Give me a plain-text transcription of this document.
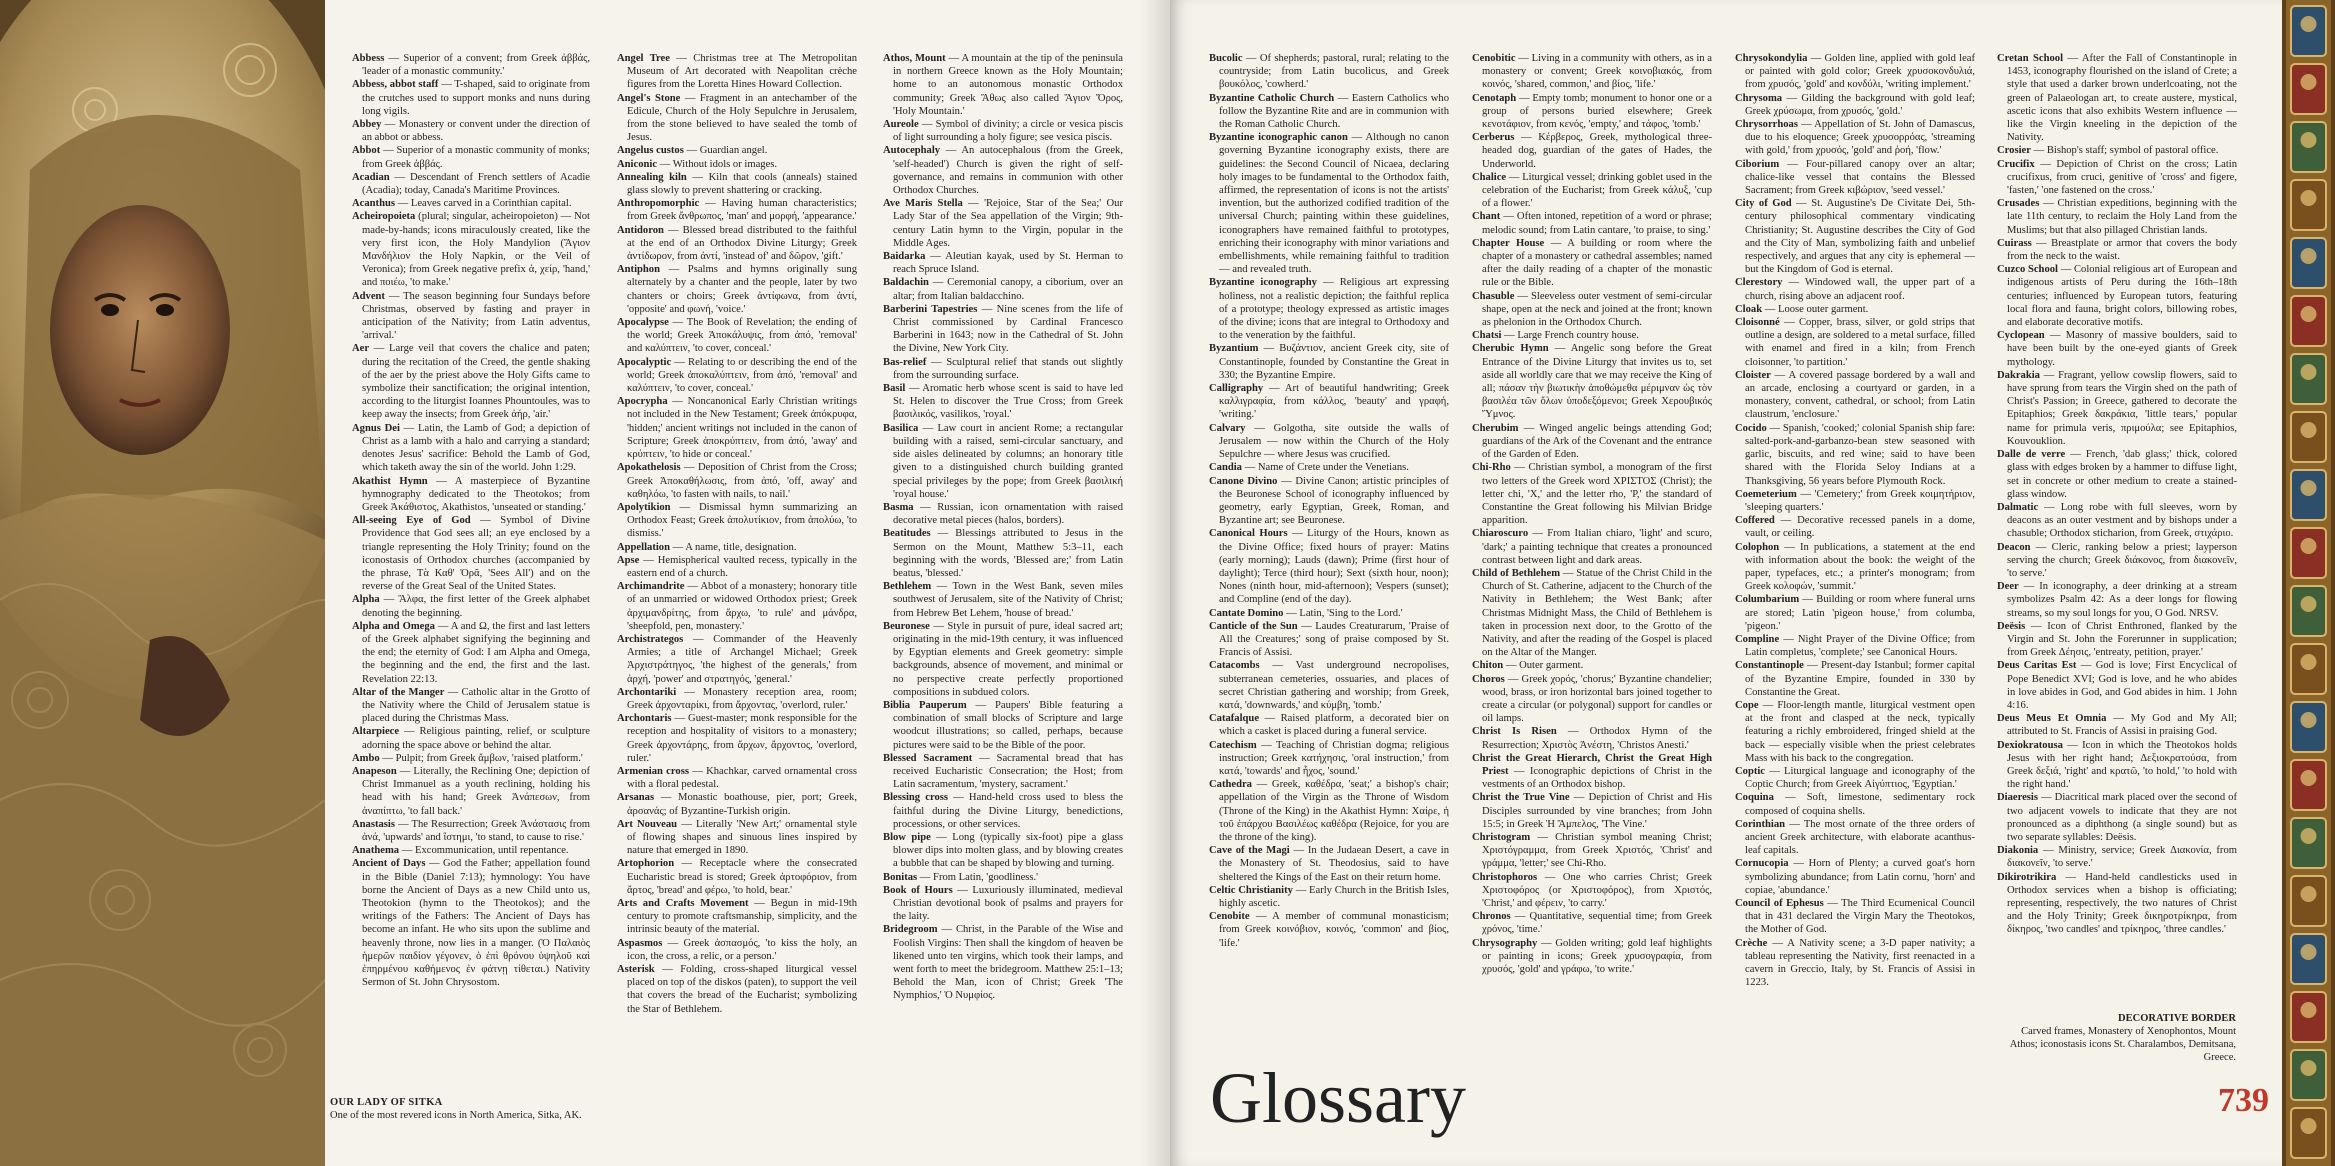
Abbess — Superior of a convent; from Greek ἀββάς, 'leader of a monastic community.'
Abbess, abbot staff — T-shaped, said to originate from the crutches used to support monks and nuns during long vigils.
Abbey — Monastery or convent under the direction of an abbot or abbess.
Abbot — Superior of a monastic community of monks; from Greek ἀββάς.
Acadian — Descendant of French settlers of Acadie (Acadia); today, Canada's Maritime Provinces.
Acanthus — Leaves carved in a Corinthian capital.
Acheiropoieta (plural; singular, acheiropoieton) — Not made-by-hands; icons miraculously created, like the very first icon, the Holy Mandylion (Ἅγιον Μανδήλιον the Holy Napkin, or the Veil of Veronica); from Greek negative prefix ἀ, χείρ, 'hand,' and ποιέω, 'to make.'
Advent — The season beginning four Sundays before Christmas, observed by fasting and prayer in anticipation of the Nativity; from Latin adventus, 'arrival.'
Aer — Large veil that covers the chalice and paten; during the recitation of the Creed, the gentle shaking of the aer by the priest above the Holy Gifts came to symbolize their sanctification; the original intention, according to the liturgist Ioannes Phountoules, was to keep away the insects; from Greek ἀήρ, 'air.'
Agnus Dei — Latin, the Lamb of God; a depiction of Christ as a lamb with a halo and carrying a standard; denotes Jesus' sacrifice: Behold the Lamb of God, which taketh away the sin of the world. John 1:29.
Akathist Hymn — A masterpiece of Byzantine hymnography dedicated to the Theotokos; from Greek Ἀκάθιστος, Akathistos, 'unseated or standing.'
All-seeing Eye of God — Symbol of Divine Providence that God sees all; an eye enclosed by a triangle representing the Holy Trinity; found on the iconostasis of Orthodox churches (accompanied by the phrase, Τὰ Καθ' Ὁρᾶ, 'Sees All') and on the reverse of the Great Seal of the United States.
Alpha — Ἄλφα, the first letter of the Greek alphabet denoting the beginning.
Alpha and Omega — A and Ω, the first and last letters of the Greek alphabet signifying the beginning and the end; the eternity of God: I am Alpha and Omega, the beginning and the end, the first and the last. Revelation 22:13.
Altar of the Manger — Catholic altar in the Grotto of the Nativity where the Child of Jerusalem statue is placed during the Christmas Mass.
Altarpiece — Religious painting, relief, or sculpture adorning the space above or behind the altar.
Ambo — Pulpit; from Greek ἄμβων, 'raised platform.'
Anapeson — Literally, the Reclining One; depiction of Christ Immanuel as a youth reclining, holding his head with his hand; Greek Ἀνάπεσων, from ἀναπίπτω, 'to fall back.'
Anastasis — The Resurrection; Greek Ἀνάστασις from ἀνά, 'upwards' and ἵστημι, 'to stand, to cause to rise.'
Anathema — Excommunication, until repentance.
Ancient of Days — God the Father; appellation found in the Bible (Daniel 7:13); hymnology: You have borne the Ancient of Days as a new Child unto us, Theotokion (hymn to the Theotokos); and the writings of the Fathers: The Ancient of Days has become an infant. He who sits upon the sublime and heavenly throne, now lies in a manger. (Ὁ Παλαιὸς ἡμερῶν παιδίον γέγονεν, ὁ ἐπὶ θρόνου ὑψηλοῦ καὶ ἐπηρμένου καθήμενος ἐν φάτνῃ τίθεται.) Nativity Sermon of St. John Chrysostom.
Angel Tree — Christmas tree at The Metropolitan Museum of Art decorated with Neapolitan crèche figures from the Loretta Hines Howard Collection.
Angel's Stone — Fragment in an antechamber of the Edicule, Church of the Holy Sepulchre in Jerusalem, from the stone believed to have sealed the tomb of Jesus.
Angelus custos — Guardian angel.
Aniconic — Without idols or images.
Annealing kiln — Kiln that cools (anneals) stained glass slowly to prevent shattering or cracking.
Anthropomorphic — Having human characteristics; from Greek ἄνθρωπος, 'man' and μορφή, 'appearance.'
Antidoron — Blessed bread distributed to the faithful at the end of an Orthodox Divine Liturgy; Greek ἀντίδωρον, from ἀντί, 'instead of' and δῶρον, 'gift.'
Antiphon — Psalms and hymns originally sung alternately by a chanter and the people, later by two chanters or choirs; Greek ἀντίφωνα, from ἀντί, 'opposite' and φωνή, 'voice.'
Apocalypse — The Book of Revelation; the ending of the world; Greek Ἀποκάλυψις, from ἀπό, 'removal' and καλύπτειν, 'to cover, conceal.'
Apocalyptic — Relating to or describing the end of the world; Greek ἀποκαλύπτειν, from ἀπό, 'removal' and καλύπτειν, 'to cover, conceal.'
Apocrypha — Noncanonical Early Christian writings not included in the New Testament; Greek ἀπόκρυφα, 'hidden;' ancient writings not included in the canon of Scripture; Greek ἀποκρύπτειν, from ἀπό, 'away' and κρύπτειν, 'to hide or conceal.'
Apokathelosis — Deposition of Christ from the Cross; Greek Ἀποκαθήλωσις, from ἀπό, 'off, away' and καθηλόω, 'to fasten with nails, to nail.'
Apolytikion — Dismissal hymn summarizing an Orthodox Feast; Greek ἀπολυτίκιον, from ἀπολύω, 'to dismiss.'
Appellation — A name, title, designation.
Apse — Hemispherical vaulted recess, typically in the eastern end of a church.
Archimandrite — Abbot of a monastery; honorary title of an unmarried or widowed Orthodox priest; Greek ἀρχιμανδρίτης, from ἄρχω, 'to rule' and μάνδρα, 'sheepfold, pen, monastery.'
Archistrategos — Commander of the Heavenly Armies; a title of Archangel Michael; Greek Ἀρχιστράτηγος, 'the highest of the generals,' from ἀρχή, 'power' and στρατηγός, 'general.'
Archontariki — Monastery reception area, room; Greek ἀρχονταρίκι, from ἄρχοντας, 'overlord, ruler.'
Archontaris — Guest-master; monk responsible for the reception and hospitality of visitors to a monastery; Greek ἀρχοντάρης, from ἄρχων, ἄρχοντος, 'overlord, ruler.'
Armenian cross — Khachkar, carved ornamental cross with a floral pedestal.
Arsanas — Monastic boathouse, pier, port; Greek, ἀρσανάς; of Byzantine-Turkish origin.
Art Nouveau — Literally 'New Art;' ornamental style of flowing shapes and sinuous lines inspired by nature that emerged in 1890.
Artophorion — Receptacle where the consecrated Eucharistic bread is stored; Greek ἀρτοφόριον, from ἄρτος, 'bread' and φέρω, 'to hold, bear.'
Arts and Crafts Movement — Begun in mid-19th century to promote craftsmanship, simplicity, and the intrinsic beauty of the material.
Aspasmos — Greek ἀσπασμός, 'to kiss the holy, an icon, the cross, a relic, or a person.'
Asterisk — Folding, cross-shaped liturgical vessel placed on top of the diskos (paten), to support the veil that covers the bread of the Eucharist; symbolizing the Star of Bethlehem.
Athos, Mount — A mountain at the tip of the peninsula in northern Greece known as the Holy Mountain; home to an autonomous monastic Orthodox community; Greek Ἄθως also called Ἅγιον Ὄρος, 'Holy Mountain.'
Aureole — Symbol of divinity; a circle or vesica piscis of light surrounding a holy figure; see vesica piscis.
Autocephaly — An autocephalous (from the Greek, 'self-headed') Church is given the right of self-governance, and remains in communion with other Orthodox Churches.
Ave Maris Stella — 'Rejoice, Star of the Sea;' Our Lady Star of the Sea appellation of the Virgin; 9th-century Latin hymn to the Virgin, popular in the Middle Ages.
Baidarka — Aleutian kayak, used by St. Herman to reach Spruce Island.
Baldachin — Ceremonial canopy, a ciborium, over an altar; from Italian baldacchino.
Barberini Tapestries — Nine scenes from the life of Christ commissioned by Cardinal Francesco Barberini in 1643; now in the Cathedral of St. John the Divine, New York City.
Bas-relief — Sculptural relief that stands out slightly from the surrounding surface.
Basil — Aromatic herb whose scent is said to have led St. Helen to discover the True Cross; from Greek βασιλικός, vasilikos, 'royal.'
Basilica — Law court in ancient Rome; a rectangular building with a raised, semi-circular sanctuary, and side aisles delineated by columns; an honorary title given to a distinguished church building granted special privileges by the pope; from Greek βασιλική 'royal house.'
Basma — Russian, icon ornamentation with raised decorative metal pieces (halos, borders).
Beatitudes — Blessings attributed to Jesus in the Sermon on the Mount, Matthew 5:3–11, each beginning with the words, 'Blessed are;' from Latin beatus, 'blessed.'
Bethlehem — Town in the West Bank, seven miles southwest of Jerusalem, site of the Nativity of Christ; from Hebrew Bet Lehem, 'house of bread.'
Beuronese — Style in pursuit of pure, ideal sacred art; originating in the mid-19th century, it was influenced by Egyptian elements and Greek geometry: simple backgrounds, absence of movement, and minimal or no perspective create perfectly proportioned compositions in subdued colors.
Biblia Pauperum — Paupers' Bible featuring a combination of small blocks of Scripture and large woodcut illustrations; so called, perhaps, because pictures were said to be the Bible of the poor.
Blessed Sacrament — Sacramental bread that has received Eucharistic Consecration; the Host; from Latin sacramentum, 'mystery, sacrament.'
Blessing cross — Hand-held cross used to bless the faithful during the Divine Liturgy, benedictions, processions, or other services.
Blow pipe — Long (typically six-foot) pipe a glass blower dips into molten glass, and by blowing creates a bubble that can be shaped by blowing and turning.
Bonitas — From Latin, 'goodliness.'
Book of Hours — Luxuriously illuminated, medieval Christian devotional book of psalms and prayers for the laity.
Bridegroom — Christ, in the Parable of the Wise and Foolish Virgins: Then shall the kingdom of heaven be likened unto ten virgins, which took their lamps, and went forth to meet the bridegroom. Matthew 25:1–13; Behold the Man, icon of Christ; Greek 'The Nymphios,' Ὁ Νυμφίος.
OUR LADY OF SITKA
One of the most revered icons in North America, Sitka, AK.
Bucolic — Of shepherds; pastoral, rural; relating to the countryside; from Latin bucolicus, and Greek βουκόλος, 'cowherd.'
Byzantine Catholic Church — Eastern Catholics who follow the Byzantine Rite and are in communion with the Roman Catholic Church.
Byzantine iconographic canon — Although no canon governing Byzantine iconography exists, there are guidelines: the Second Council of Nicaea, declaring holy images to be fundamental to the Orthodox faith, affirmed, the representation of icons is not the artists' invention, but the authorized codified tradition of the universal Church; painting within these guidelines, iconographers have remained faithful to prototypes, enriching their iconography with minor variations and embellishments, while remaining faithful to tradition — and revealed truth.
Byzantine iconography — Religious art expressing holiness, not a realistic depiction; the faithful replica of a prototype; theology expressed as artistic images of the divine; icons that are integral to Orthodoxy and to the veneration by the faithful.
Byzantium — Βυζάντιον, ancient Greek city, site of Constantinople, founded by Constantine the Great in 330; the Byzantine Empire.
Calligraphy — Art of beautiful handwriting; Greek καλλιγραφία, from κάλλος, 'beauty' and γραφή, 'writing.'
Calvary — Golgotha, site outside the walls of Jerusalem — now within the Church of the Holy Sepulchre — where Jesus was crucified.
Candia — Name of Crete under the Venetians.
Canone Divino — Divine Canon; artistic principles of the Beuronese School of iconography influenced by geometry, early Egyptian, Greek, Roman, and Byzantine art; see Beuronese.
Canonical Hours — Liturgy of the Hours, known as the Divine Office; fixed hours of prayer: Matins (early morning); Lauds (dawn); Prime (first hour of daylight); Terce (third hour); Sext (sixth hour, noon); Nones (ninth hour, mid-afternoon); Vespers (sunset); and Compline (end of the day).
Cantate Domino — Latin, 'Sing to the Lord.'
Canticle of the Sun — Laudes Creaturarum, 'Praise of All the Creatures;' song of praise composed by St. Francis of Assisi.
Catacombs — Vast underground necropolises, subterranean cemeteries, ossuaries, and places of secret Christian gathering and worship; from Greek, κατά, 'downwards,' and κύμβη, 'tomb.'
Catafalque — Raised platform, a decorated bier on which a casket is placed during a funeral service.
Catechism — Teaching of Christian dogma; religious instruction; Greek κατήχησις, 'oral instruction,' from κατά, 'towards' and ἦχος, 'sound.'
Cathedra — Greek, καθέδρα, 'seat;' a bishop's chair; appellation of the Virgin as the Throne of Wisdom (Throne of the King) in the Akathist Hymn: Χαίρε, ἡ τοῦ ἐπάρχου Βασιλέως καθέδρα (Rejoice, for you are the throne of the king).
Cave of the Magi — In the Judaean Desert, a cave in the Monastery of St. Theodosius, said to have sheltered the Kings of the East on their return home.
Celtic Christianity — Early Church in the British Isles, highly ascetic.
Cenobite — A member of communal monasticism; from Greek κοινόβιον, κοινός, 'common' and βίος, 'life.'
Cenobitic — Living in a community with others, as in a monastery or convent; Greek κοινοβιακός, from κοινός, 'shared, common,' and βίος, 'life.'
Cenotaph — Empty tomb; monument to honor one or a group of persons buried elsewhere; Greek κενοτάφιον, from κενός, 'empty,' and τάφος, 'tomb.'
Cerberus — Κέρβερος, Greek, mythological three-headed dog, guardian of the gates of Hades, the Underworld.
Chalice — Liturgical vessel; drinking goblet used in the celebration of the Eucharist; from Greek κάλυξ, 'cup of a flower.'
Chant — Often intoned, repetition of a word or phrase; melodic sound; from Latin cantare, 'to praise, to sing.'
Chapter House — A building or room where the chapter of a monastery or cathedral assembles; named after the daily reading of a chapter of the monastic rule or the Bible.
Chasuble — Sleeveless outer vestment of semi-circular shape, open at the neck and joined at the front; known as phelonion in the Orthodox Church.
Chatsi — Large French country house.
Cherubic Hymn — Angelic song before the Great Entrance of the Divine Liturgy that invites us to, set aside all worldly care that we may receive the King of all; πάσαν τὴν βιωτικὴν ἀποθώμεθα μέριμναν ὡς τὸν βασιλέα τῶν ὅλων ὑποδεξόμενοι; Greek Χερουβικός Ὕμνος.
Cherubim — Winged angelic beings attending God; guardians of the Ark of the Covenant and the entrance of the Garden of Eden.
Chi-Rho — Christian symbol, a monogram of the first two letters of the Greek word ΧΡΙΣΤΟΣ (Christ); the letter chi, 'X,' and the letter rho, 'P,' the standard of Constantine the Great following his Milvian Bridge apparition.
Chiaroscuro — From Italian chiaro, 'light' and scuro, 'dark;' a painting technique that creates a pronounced contrast between light and dark areas.
Child of Bethlehem — Statue of the Christ Child in the Church of St. Catherine, adjacent to the Church of the Nativity in Bethlehem; the West Bank; after Christmas Midnight Mass, the Child of Bethlehem is taken in procession next door, to the Grotto of the Nativity, and after the reading of the Gospel is placed on the Altar of the Manger.
Chiton — Outer garment.
Choros — Greek χορός, 'chorus;' Byzantine chandelier; wood, brass, or iron horizontal bars joined together to create a circular (or polygonal) support for candles or oil lamps.
Christ Is Risen — Orthodox Hymn of the Resurrection; Χριστὸς Ἀνέστη, 'Christos Anesti.'
Christ the Great Hierarch, Christ the Great High Priest — Iconographic depictions of Christ in the vestments of an Orthodox bishop.
Christ the True Vine — Depiction of Christ and His Disciples surrounded by vine branches; from John 15:5; in Greek Ἡ Ἄμπελος, 'The Vine.'
Christogram — Christian symbol meaning Christ; Χριστόγραμμα, from Greek Χριστός, 'Christ' and γράμμα, 'letter;' see Chi-Rho.
Christophoros — One who carries Christ; Greek Χριστοφόρος (or Χριστοφόρος), from Χριστός, 'Christ,' and φέρειν, 'to carry.'
Chronos — Quantitative, sequential time; from Greek χρόνος, 'time.'
Chrysography — Golden writing; gold leaf highlights or painting in icons; Greek χρυσογραφία, from χρυσός, 'gold' and γράφω, 'to write.'
Chrysokondylia — Golden line, applied with gold leaf or painted with gold color; Greek χρυσοκονδυλιά, from χρυσός, 'gold' and κονδύλι, 'writing implement.'
Chrysoma — Gilding the background with gold leaf; Greek χρύσωμα, from χρυσός, 'gold.'
Chrysorrhoas — Appellation of St. John of Damascus, due to his eloquence; Greek χρυσορρόας, 'streaming with gold,' from χρυσός, 'gold' and ῥοή, 'flow.'
Ciborium — Four-pillared canopy over an altar; chalice-like vessel that contains the Blessed Sacrament; from Greek κιβώριον, 'seed vessel.'
City of God — St. Augustine's De Civitate Dei, 5th-century philosophical commentary vindicating Christianity; St. Augustine describes the City of God and the City of Man, symbolizing faith and unbelief respectively, and argues that any city is ephemeral — but the Kingdom of God is eternal.
Clerestory — Windowed wall, the upper part of a church, rising above an adjacent roof.
Cloak — Loose outer garment.
Cloisonné — Copper, brass, silver, or gold strips that outline a design, are soldered to a metal surface, filled with enamel and fired in a kiln; from French cloisonner, 'to partition.'
Cloister — A covered passage bordered by a wall and an arcade, enclosing a courtyard or garden, in a monastery, convent, cathedral, or school; from Latin claustrum, 'enclosure.'
Cocido — Spanish, 'cooked;' colonial Spanish ship fare: salted-pork-and-garbanzo-bean stew seasoned with garlic, biscuits, and red wine; said to have been shared with the Florida Seloy Indians at a Thanksgiving, 56 years before Plymouth Rock.
Coemeterium — 'Cemetery;' from Greek κοιμητήριον, 'sleeping quarters.'
Coffered — Decorative recessed panels in a dome, vault, or ceiling.
Colophon — In publications, a statement at the end with information about the book: the weight of the paper, typefaces, etc.; a printer's monogram; from Greek κολοφών, 'summit.'
Columbarium — Building or room where funeral urns are stored; Latin 'pigeon house,' from columba, 'pigeon.'
Compline — Night Prayer of the Divine Office; from Latin completus, 'complete;' see Canonical Hours.
Constantinople — Present-day Istanbul; former capital of the Byzantine Empire, founded in 330 by Constantine the Great.
Cope — Floor-length mantle, liturgical vestment open at the front and clasped at the neck, typically featuring a richly embroidered, fringed shield at the back — especially visible when the priest celebrates Mass with his back to the congregation.
Coptic — Liturgical language and iconography of the Coptic Church; from Greek Αἰγύπτιος, 'Egyptian.'
Coquina — Soft, limestone, sedimentary rock composed of coquina shells.
Corinthian — The most ornate of the three orders of ancient Greek architecture, with elaborate acanthus-leaf capitals.
Cornucopia — Horn of Plenty; a curved goat's horn symbolizing abundance; from Latin cornu, 'horn' and copiae, 'abundance.'
Council of Ephesus — The Third Ecumenical Council that in 431 declared the Virgin Mary the Theotokos, the Mother of God.
Crèche — A Nativity scene; a 3-D paper nativity; a tableau representing the Nativity, first reenacted in a cavern in Greccio, Italy, by St. Francis of Assisi in 1223.
Cretan School — After the Fall of Constantinople in 1453, iconography flourished on the island of Crete; a style that used a darker brown underlcoating, not the green of Palaeologan art, to create austere, mystical, ascetic icons that also exhibits Western influence — like the Virgin kneeling in the depiction of the Nativity.
Crosier — Bishop's staff; symbol of pastoral office.
Crucifix — Depiction of Christ on the cross; Latin crucifixus, from cruci, genitive of 'cross' and figere, 'fasten,' 'one fastened on the cross.'
Crusades — Christian expeditions, beginning with the late 11th century, to reclaim the Holy Land from the Muslims; but that also pillaged Christian lands.
Cuirass — Breastplate or armor that covers the body from the neck to the waist.
Cuzco School — Colonial religious art of European and indigenous artists of Peru during the 16th–18th centuries; influenced by European tutors, featuring local flora and fauna, bright colors, billowing robes, and elaborate decorative motifs.
Cyclopean — Masonry of massive boulders, said to have been built by the one-eyed giants of Greek mythology.
Dakrakia — Fragrant, yellow cowslip flowers, said to have sprung from tears the Virgin shed on the path of Christ's Passion; in Greece, gathered to decorate the Epitaphios; Greek δακράκια, 'little tears,' popular name for primula veris, πριμούλα; see Epitaphios, Kouvouklion.
Dalle de verre — French, 'dab glass;' thick, colored glass with edges broken by a hammer to diffuse light, set in concrete or other medium to create a stained-glass window.
Dalmatic — Long robe with full sleeves, worn by deacons as an outer vestment and by bishops under a chasuble; Orthodox sticharion, from Greek, στιχάριο.
Deacon — Cleric, ranking below a priest; layperson serving the church; Greek διάκονος, from διακονεῖν, 'to serve.'
Deer — In iconography, a deer drinking at a stream symbolizes Psalm 42: As a deer longs for flowing streams, so my soul longs for you, O God. NRSV.
Deësis — Icon of Christ Enthroned, flanked by the Virgin and St. John the Forerunner in supplication; from Greek Δέησις, 'entreaty, petition, prayer.'
Deus Caritas Est — God is love; First Encyclical of Pope Benedict XVI; God is love, and he who abides in love abides in God, and God abides in him. 1 John 4:16.
Deus Meus Et Omnia — My God and My All; attributed to St. Francis of Assisi in praising God.
Dexiokratousa — Icon in which the Theotokos holds Jesus with her right hand; Δεξιοκρατούσα, from Greek δεξιά, 'right' and κρατῶ, 'to hold,' 'to hold with the right hand.'
Diaeresis — Diacritical mark placed over the second of two adjacent vowels to indicate that they are not pronounced as a diphthong (a single sound) but as two separate syllables: Deësis.
Diakonia — Ministry, service; Greek Διακονία, from διακονεῖν, 'to serve.'
Dikirotrikira — Hand-held candlesticks used in Orthodox services when a bishop is officiating; representing, respectively, the two natures of Christ and the Holy Trinity; Greek δικηροτρίκηρα, from δίκηρος, 'two candles' and τρίκηρος, 'three candles.'
Glossary
DECORATIVE BORDER
Carved frames, Monastery of Xenophontos, Mount Athos; iconostasis icons St. Charalambos, Demitsana, Greece.
739
